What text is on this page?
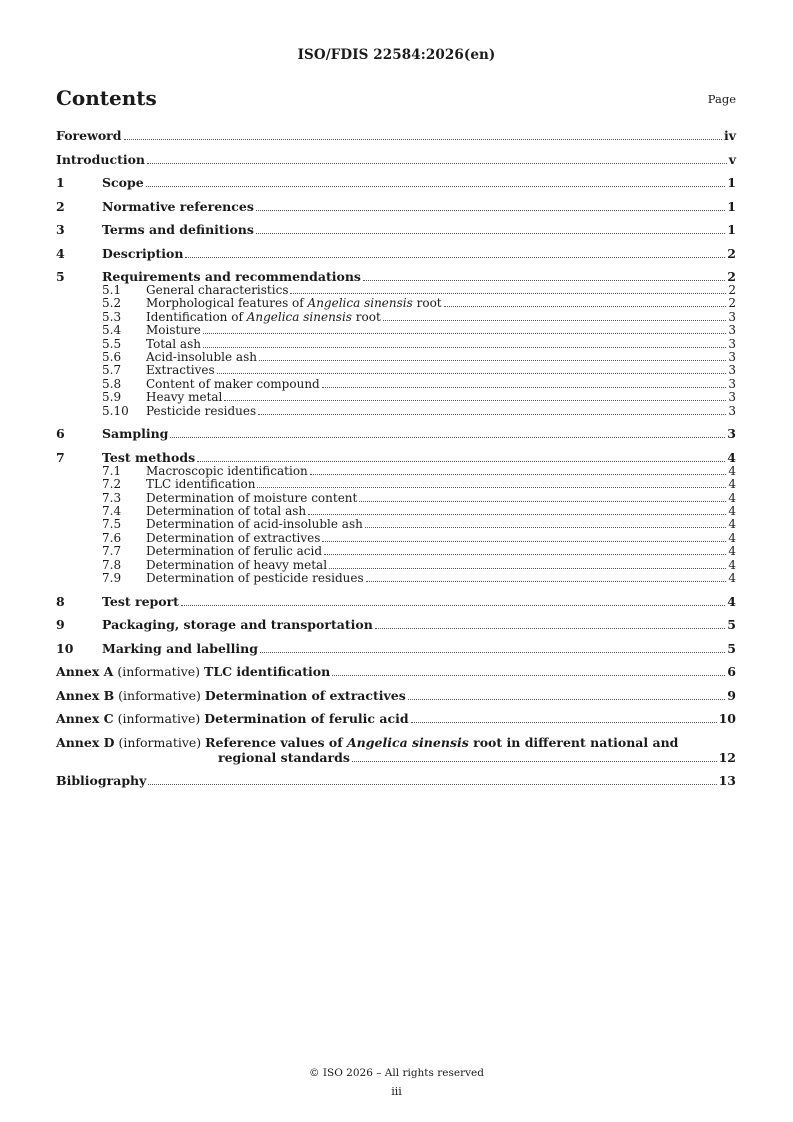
ISO/FDIS 22584:2026(en)
Contents	Page
Foreword	iv
Introduction	v
1	Scope	1
2	Normative references	1
3	Terms and definitions	1
4	Description	2
5	Requirements and recommendations	2
5.1	General characteristics	2
5.2	Morphological features of Angelica sinensis root	2
5.3	Identification of Angelica sinensis root	3
5.4	Moisture	3
5.5	Total ash	3
5.6	Acid-insoluble ash	3
5.7	Extractives	3
5.8	Content of maker compound	3
5.9	Heavy metal	3
5.10	Pesticide residues	3
6	Sampling	3
7	Test methods	4
7.1	Macroscopic identification	4
7.2	TLC identification	4
7.3	Determination of moisture content	4
7.4	Determination of total ash	4
7.5	Determination of acid-insoluble ash	4
7.6	Determination of extractives	4
7.7	Determination of ferulic acid	4
7.8	Determination of heavy metal	4
7.9	Determination of pesticide residues	4
8	Test report	4
9	Packaging, storage and transportation	5
10	Marking and labelling	5
Annex A (informative) TLC identification	6
Annex B (informative) Determination of extractives	9
Annex C (informative) Determination of ferulic acid	10
Annex D (informative) Reference values of Angelica sinensis root in different national and
regional standards	12
Bibliography	13
© ISO 2026 – All rights reserved
iii
